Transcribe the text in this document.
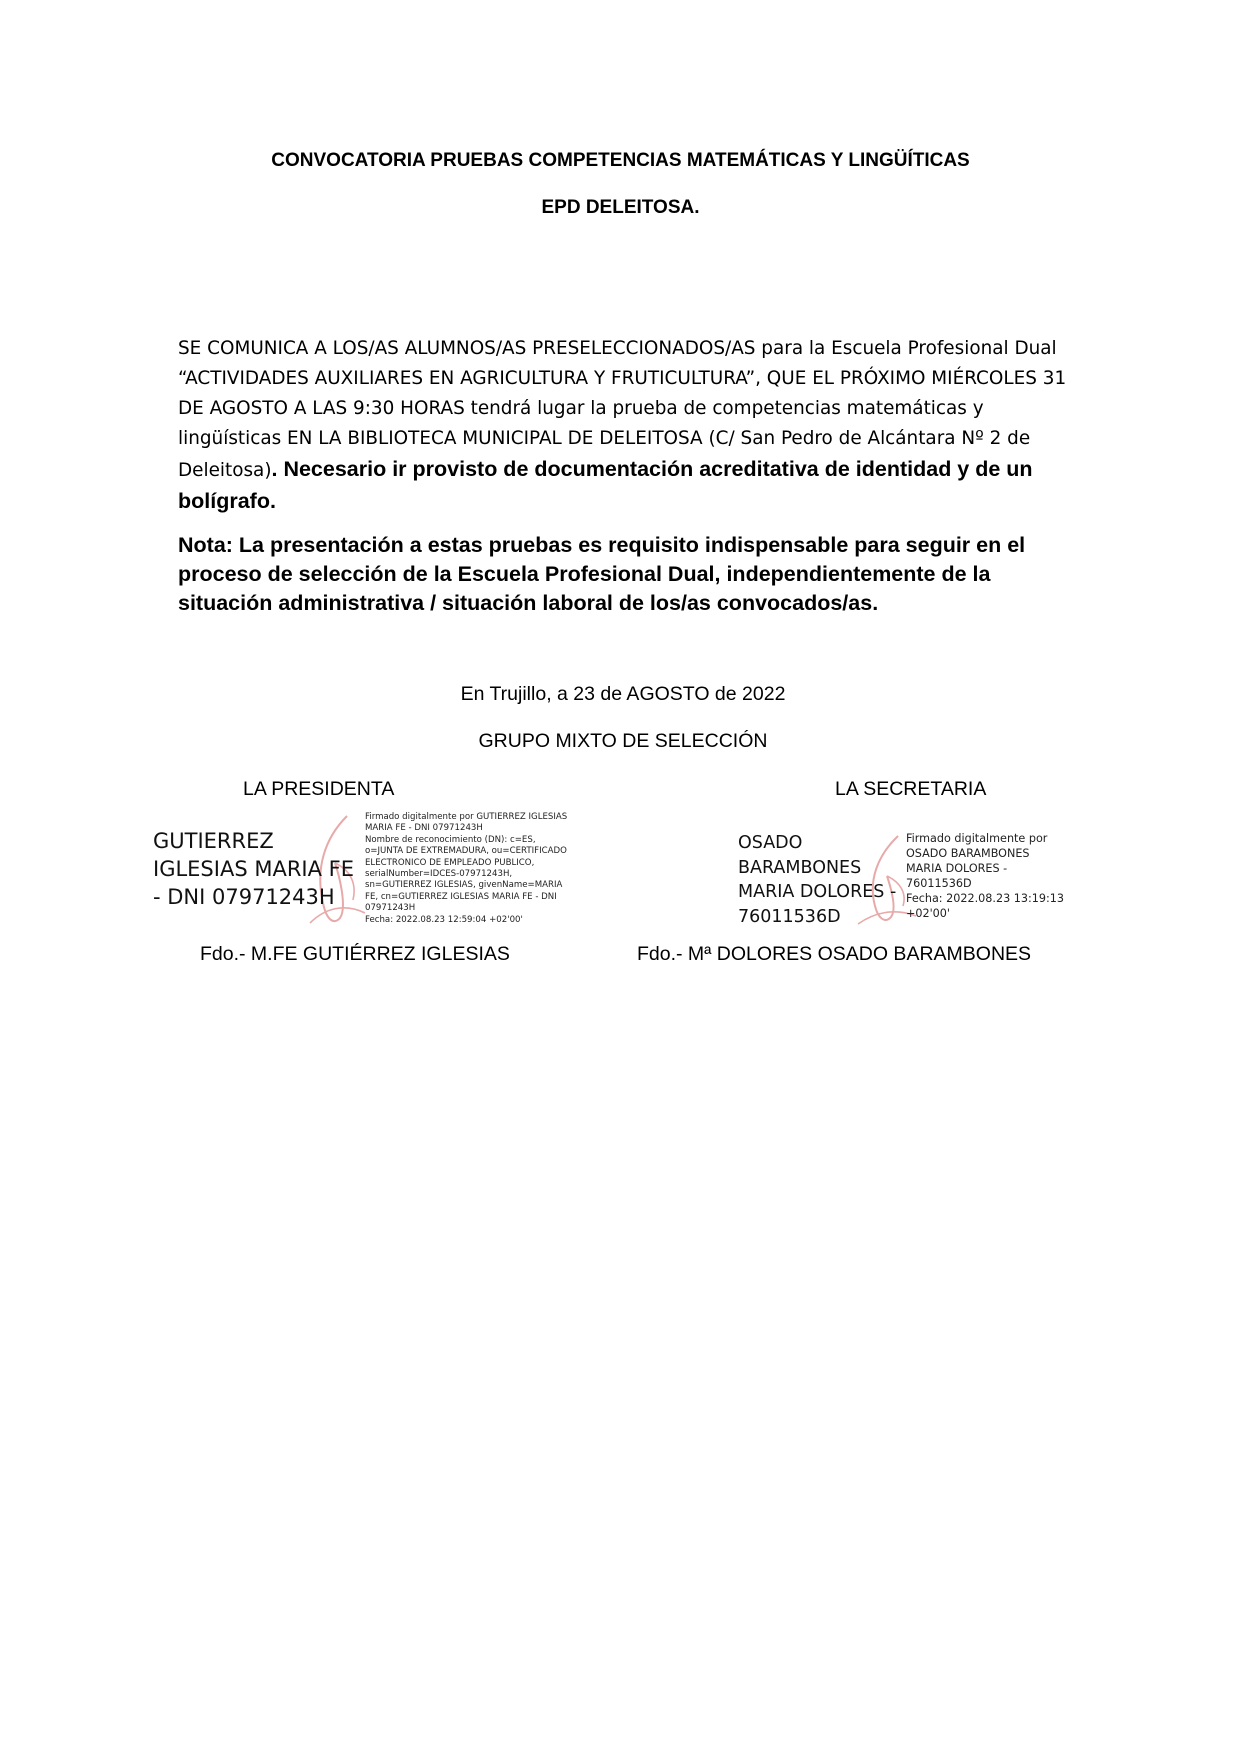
CONVOCATORIA PRUEBAS COMPETENCIAS MATEMÁTICAS Y LINGÜÍTICAS
EPD DELEITOSA.
SE COMUNICA A LOS/AS ALUMNOS/AS PRESELECCIONADOS/AS para la Escuela Profesional Dual “ACTIVIDADES AUXILIARES EN AGRICULTURA Y FRUTICULTURA”, QUE EL PRÓXIMO MIÉRCOLES 31 DE AGOSTO A LAS 9:30 HORAS tendrá lugar la prueba de competencias matemáticas y lingüísticas EN LA BIBLIOTECA MUNICIPAL DE DELEITOSA (C/ San Pedro de Alcántara Nº 2 de Deleitosa). Necesario ir provisto de documentación acreditativa de identidad y de un bolígrafo.
Nota: La presentación a estas pruebas es requisito indispensable para seguir en el proceso de selección de la Escuela Profesional Dual, independientemente de la situación administrativa / situación laboral de los/as convocados/as.
En Trujillo, a 23 de AGOSTO de 2022
GRUPO MIXTO DE SELECCIÓN
LA PRESIDENTA	LA SECRETARIA
GUTIERREZ IGLESIAS MARIA FE - DNI 07971243H
Firmado digitalmente por GUTIERREZ IGLESIAS MARIA FE - DNI 07971243H
Nombre de reconocimiento (DN): c=ES, o=JUNTA DE EXTREMADURA, ou=CERTIFICADO ELECTRONICO DE EMPLEADO PUBLICO, serialNumber=IDCES-07971243H, sn=GUTIERREZ IGLESIAS, givenName=MARIA FE, cn=GUTIERREZ IGLESIAS MARIA FE - DNI 07971243H
Fecha: 2022.08.23 12:59:04 +02'00'
OSADO BARAMBONES MARIA DOLORES - 76011536D
Firmado digitalmente por OSADO BARAMBONES MARIA DOLORES - 76011536D
Fecha: 2022.08.23 13:19:13 +02'00'
Fdo.- M.FE GUTIÉRREZ IGLESIAS	Fdo.- Mª DOLORES OSADO BARAMBONES
